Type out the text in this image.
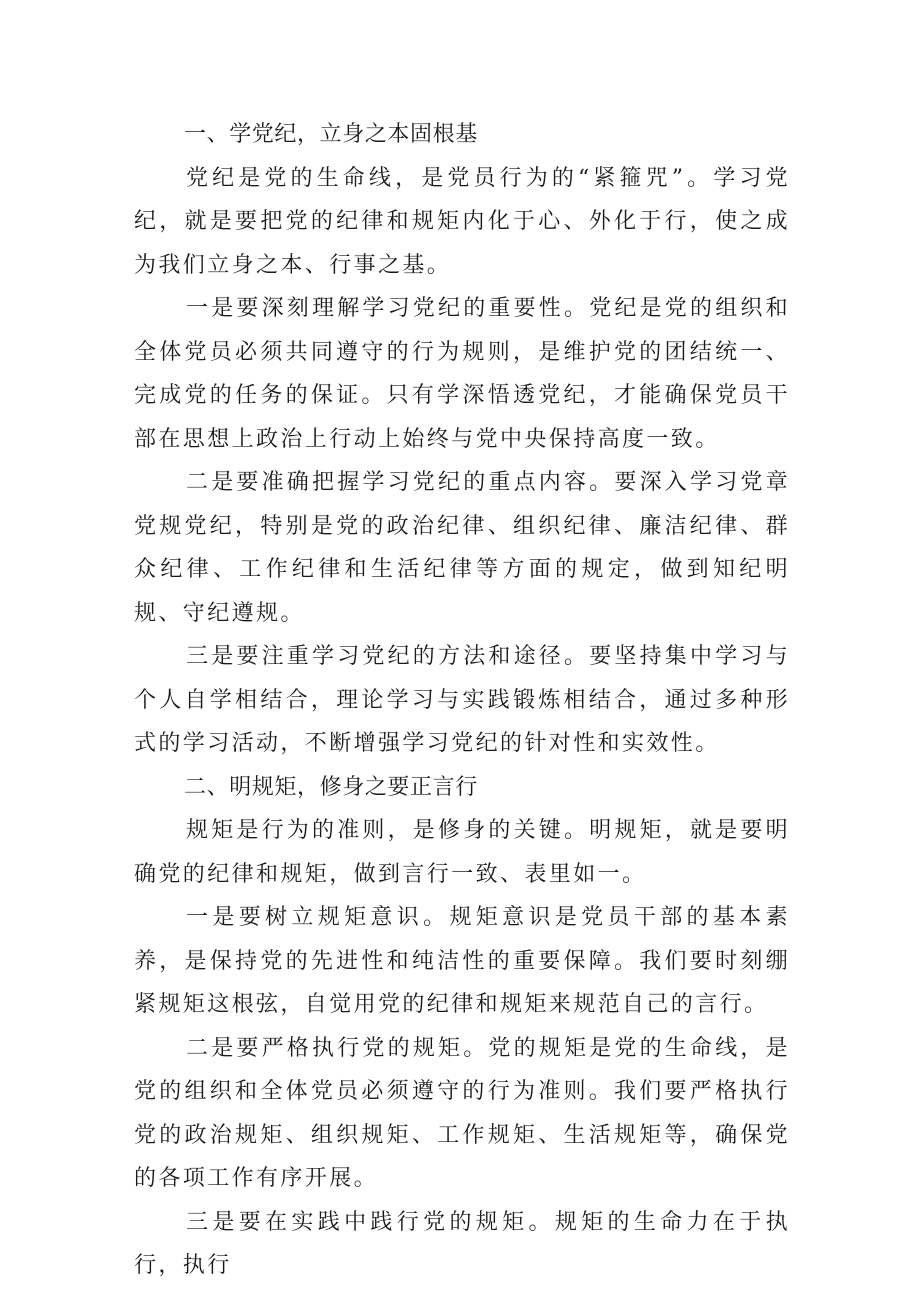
一、学党纪，立身之本固根基

党纪是党的生命线，是党员行为的“紧箍咒”。学习党纪，就是要把党的纪律和规矩内化于心、外化于行，使之成为我们立身之本、行事之基。

一是要深刻理解学习党纪的重要性。党纪是党的组织和全体党员必须共同遵守的行为规则，是维护党的团结统一、完成党的任务的保证。只有学深悟透党纪，才能确保党员干部在思想上政治上行动上始终与党中央保持高度一致。

二是要准确把握学习党纪的重点内容。要深入学习党章党规党纪，特别是党的政治纪律、组织纪律、廉洁纪律、群众纪律、工作纪律和生活纪律等方面的规定，做到知纪明规、守纪遵规。

三是要注重学习党纪的方法和途径。要坚持集中学习与个人自学相结合，理论学习与实践锻炼相结合，通过多种形式的学习活动，不断增强学习党纪的针对性和实效性。

二、明规矩，修身之要正言行

规矩是行为的准则，是修身的关键。明规矩，就是要明确党的纪律和规矩，做到言行一致、表里如一。

一是要树立规矩意识。规矩意识是党员干部的基本素养，是保持党的先进性和纯洁性的重要保障。我们要时刻绷紧规矩这根弦，自觉用党的纪律和规矩来规范自己的言行。

二是要严格执行党的规矩。党的规矩是党的生命线，是党的组织和全体党员必须遵守的行为准则。我们要严格执行党的政治规矩、组织规矩、工作规矩、生活规矩等，确保党的各项工作有序开展。

三是要在实践中践行党的规矩。规矩的生命力在于执行，执行
